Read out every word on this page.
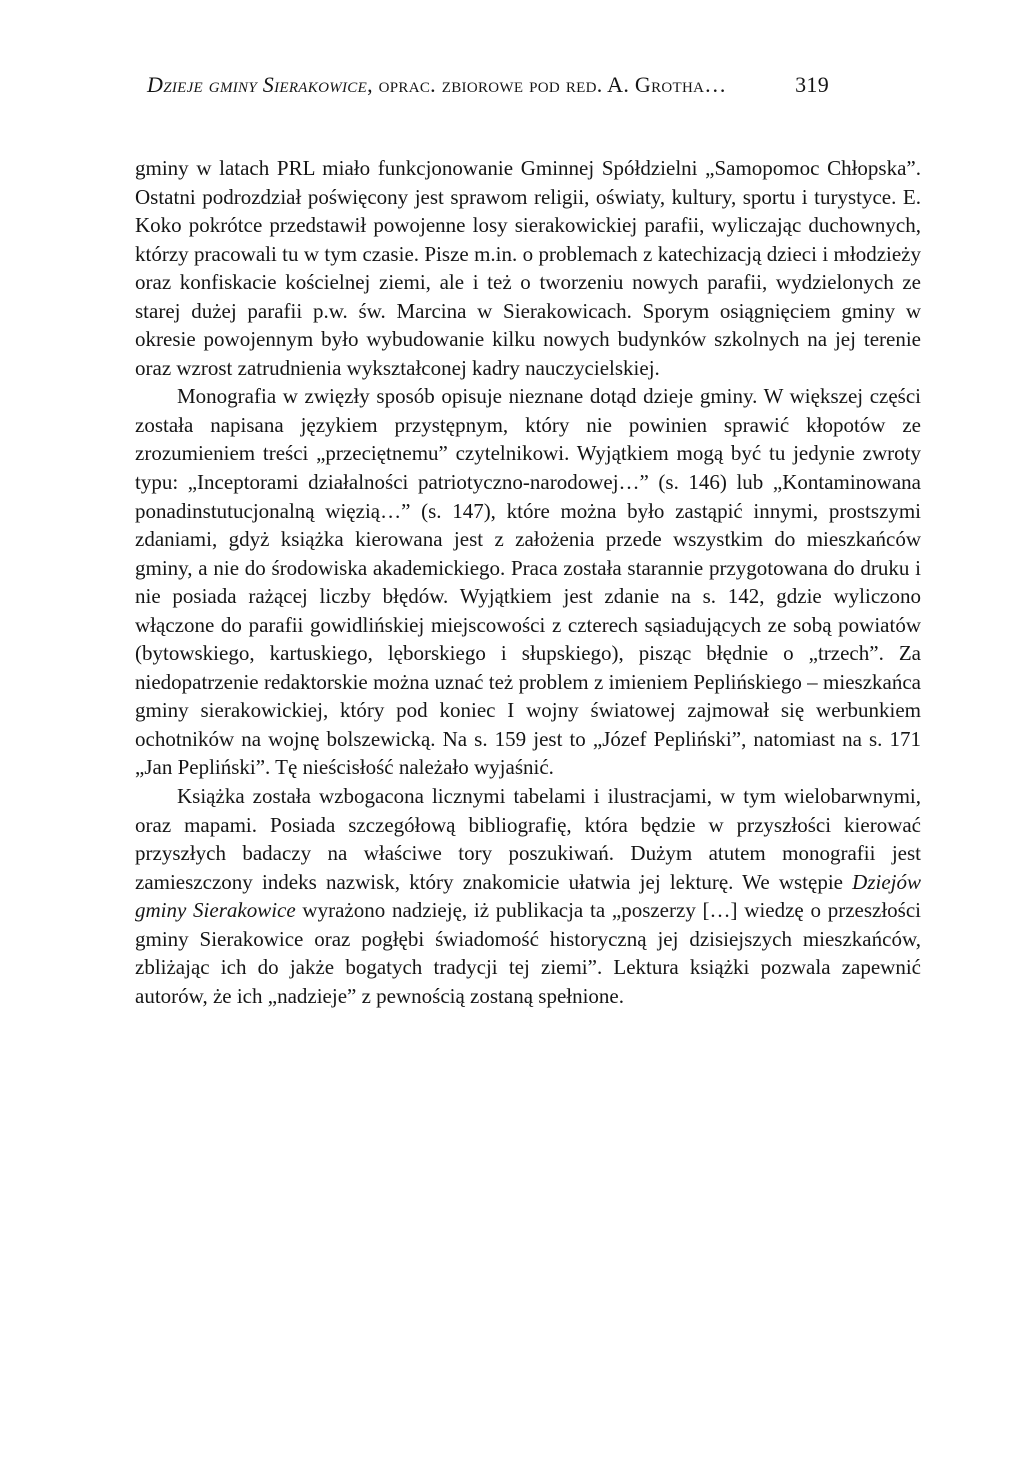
Dzieje gminy Sierakowice, oprac. zbiorowe pod red. A. Grotha…	319

gminy w latach PRL miało funkcjonowanie Gminnej Spółdzielni „Samopomoc Chłopska”. Ostatni podrozdział poświęcony jest sprawom religii, oświaty, kultury, sportu i turystyce. E. Koko pokrótce przedstawił powojenne losy sierakowickiej parafii, wyliczając duchownych, którzy pracowali tu w tym czasie. Pisze m.in. o problemach z katechizacją dzieci i młodzieży oraz konfiskacie kościelnej ziemi, ale i też o tworzeniu nowych parafii, wydzielonych ze starej dużej parafii p.w. św. Marcina w Sierakowicach. Sporym osiągnięciem gminy w okresie powojennym było wybudowanie kilku nowych budynków szkolnych na jej terenie oraz wzrost zatrudnienia wykształconej kadry nauczycielskiej.

Monografia w zwięzły sposób opisuje nieznane dotąd dzieje gminy. W większej części została napisana językiem przystępnym, który nie powinien sprawić kłopotów ze zrozumieniem treści „przeciętnemu” czytelnikowi. Wyjątkiem mogą być tu jedynie zwroty typu: „Inceptorami działalności patriotyczno-narodowej…” (s. 146) lub „Kontaminowana ponadinstutucjonalną więzią…” (s. 147), które można było zastąpić innymi, prostszymi zdaniami, gdyż książka kierowana jest z założenia przede wszystkim do mieszkańców gminy, a nie do środowiska akademickiego. Praca została starannie przygotowana do druku i nie posiada rażącej liczby błędów. Wyjątkiem jest zdanie na s. 142, gdzie wyliczono włączone do parafii gowidlińskiej miejscowości z czterech sąsiadujących ze sobą powiatów (bytowskiego, kartuskiego, lęborskiego i słupskiego), pisząc błędnie o „trzech”. Za niedopatrzenie redaktorskie można uznać też problem z imieniem Peplińskiego – mieszkańca gminy sierakowickiej, który pod koniec I wojny światowej zajmował się werbunkiem ochotników na wojnę bolszewicką. Na s. 159 jest to „Józef Pepliński”, natomiast na s. 171 „Jan Pepliński”. Tę nieścisłość należało wyjaśnić.

Książka została wzbogacona licznymi tabelami i ilustracjami, w tym wielobarwnymi, oraz mapami. Posiada szczegółową bibliografię, która będzie w przyszłości kierować przyszłych badaczy na właściwe tory poszukiwań. Dużym atutem monografii jest zamieszczony indeks nazwisk, który znakomicie ułatwia jej lekturę. We wstępie Dziejów gminy Sierakowice wyrażono nadzieję, iż publikacja ta „poszerzy […] wiedzę o przeszłości gminy Sierakowice oraz pogłębi świadomość historyczną jej dzisiejszych mieszkańców, zbliżając ich do jakże bogatych tradycji tej ziemi”. Lektura książki pozwala zapewnić autorów, że ich „nadzieje” z pewnością zostaną spełnione.
